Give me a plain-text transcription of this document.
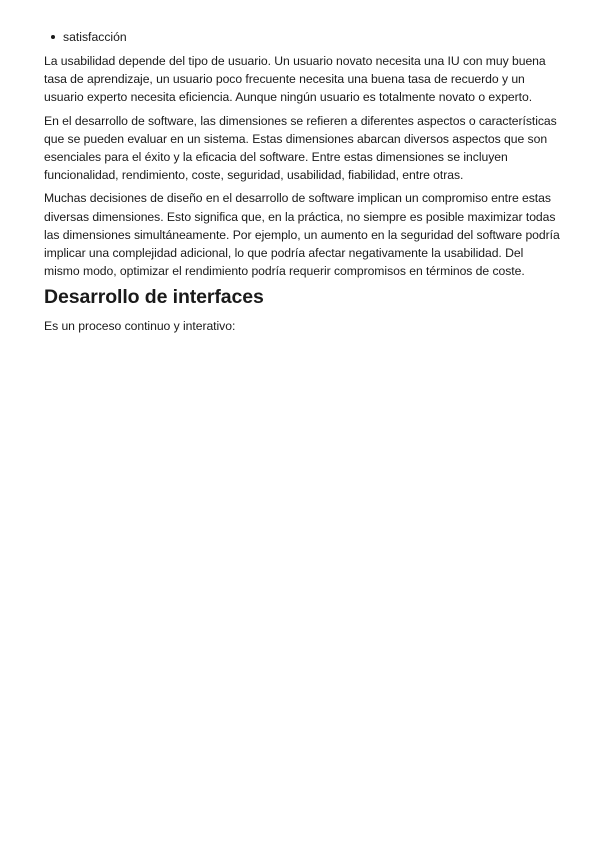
satisfacción

La usabilidad depende del tipo de usuario. Un usuario novato necesita una IU con muy buena tasa de aprendizaje, un usuario poco frecuente necesita una buena tasa de recuerdo y un usuario experto necesita eficiencia. Aunque ningún usuario es totalmente novato o experto.

En el desarrollo de software, las dimensiones se refieren a diferentes aspectos o características que se pueden evaluar en un sistema. Estas dimensiones abarcan diversos aspectos que son esenciales para el éxito y la eficacia del software. Entre estas dimensiones se incluyen funcionalidad, rendimiento, coste, seguridad, usabilidad, fiabilidad, entre otras.

Muchas decisiones de diseño en el desarrollo de software implican un compromiso entre estas diversas dimensiones. Esto significa que, en la práctica, no siempre es posible maximizar todas las dimensiones simultáneamente. Por ejemplo, un aumento en la seguridad del software podría implicar una complejidad adicional, lo que podría afectar negativamente la usabilidad. Del mismo modo, optimizar el rendimiento podría requerir compromisos en términos de coste.

Desarrollo de interfaces

Es un proceso continuo y interativo:
